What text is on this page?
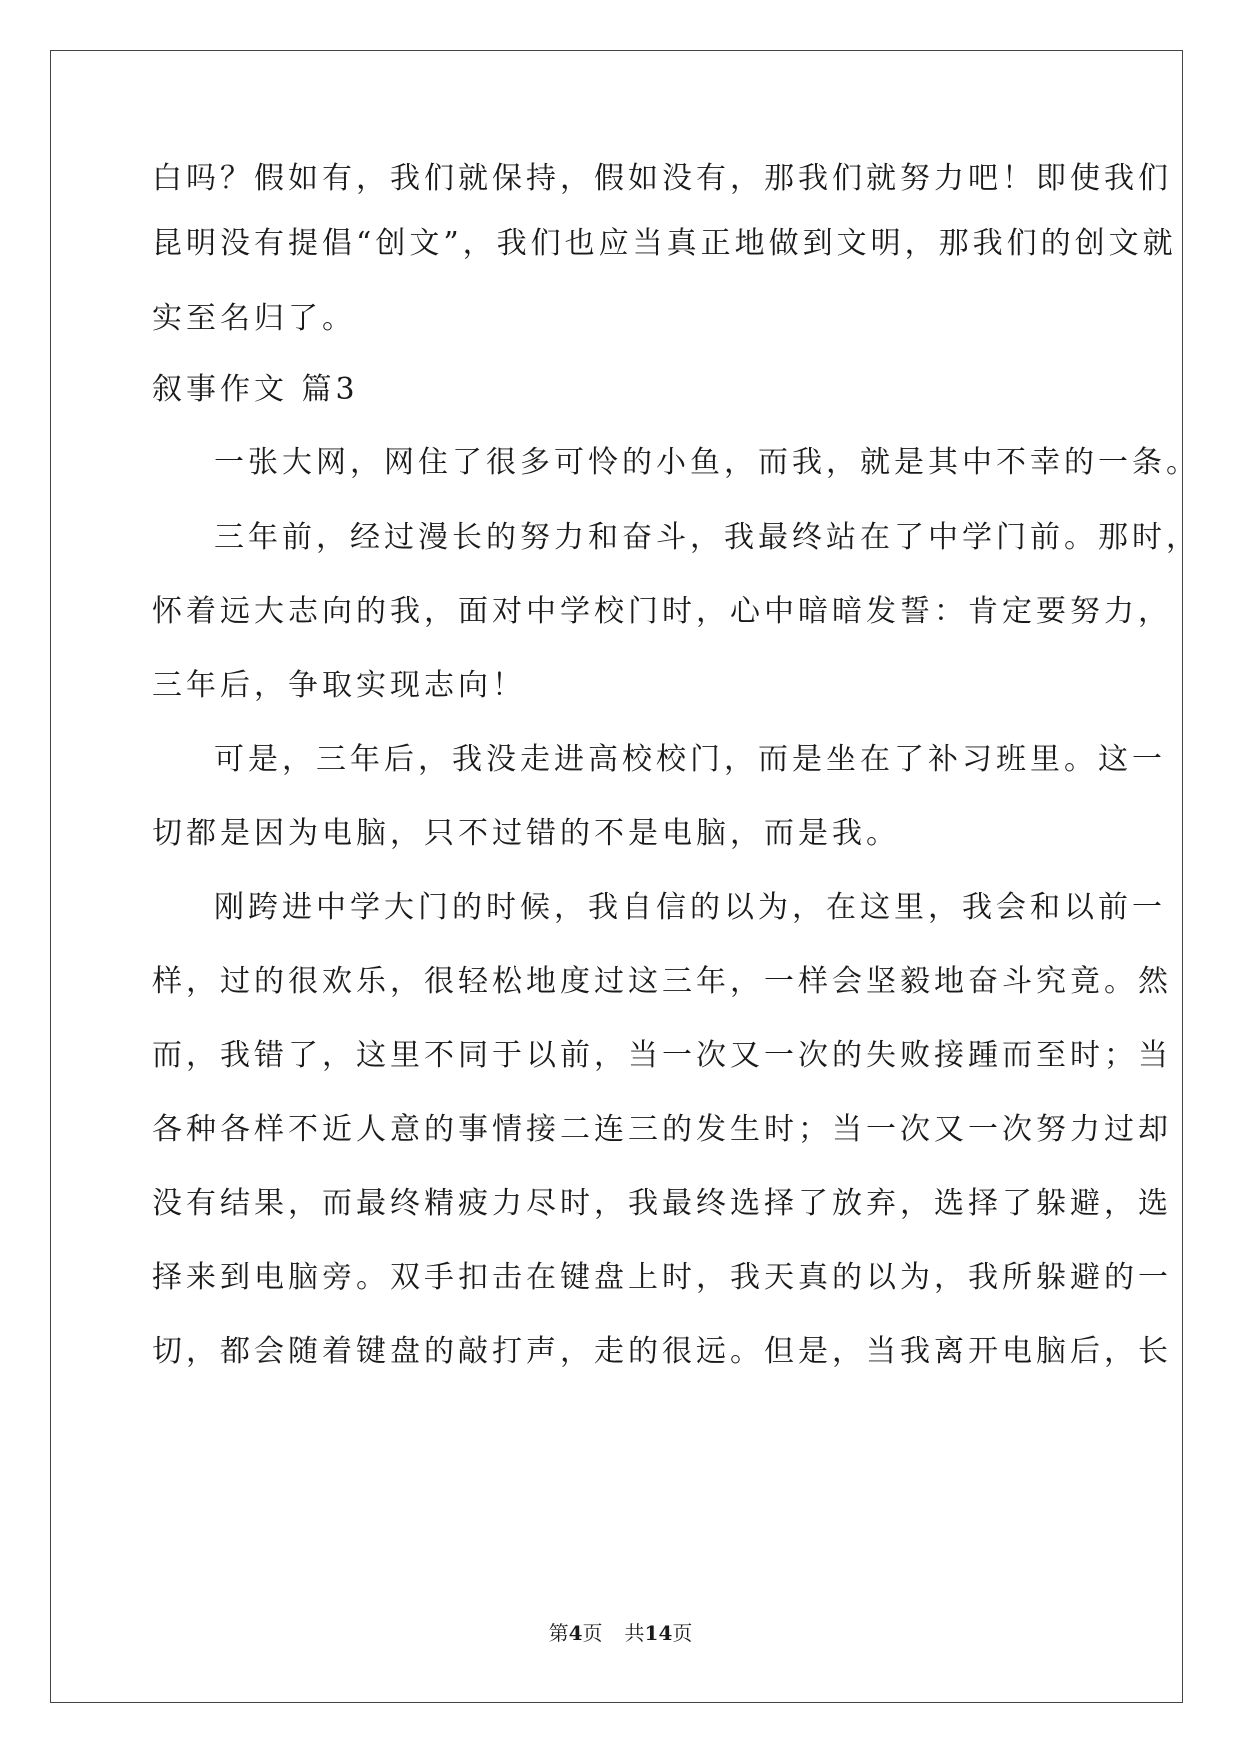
白吗？假如有，我们就保持，假如没有，那我们就努力吧！即使我们
昆明没有提倡“创文”，我们也应当真正地做到文明，那我们的创文就
实至名归了。
叙事作文 篇3
一张大网，网住了很多可怜的小鱼，而我，就是其中不幸的一条。
三年前，经过漫长的努力和奋斗，我最终站在了中学门前。那时，
怀着远大志向的我，面对中学校门时，心中暗暗发誓：肯定要努力，
三年后，争取实现志向！
可是，三年后，我没走进高校校门，而是坐在了补习班里。这一
切都是因为电脑，只不过错的不是电脑，而是我。
刚跨进中学大门的时候，我自信的以为，在这里，我会和以前一
样，过的很欢乐，很轻松地度过这三年，一样会坚毅地奋斗究竟。然
而，我错了，这里不同于以前，当一次又一次的失败接踵而至时；当
各种各样不近人意的事情接二连三的发生时；当一次又一次努力过却
没有结果，而最终精疲力尽时，我最终选择了放弃，选择了躲避，选
择来到电脑旁。双手扣击在键盘上时，我天真的以为，我所躲避的一
切，都会随着键盘的敲打声，走的很远。但是，当我离开电脑后，长
第4页 共14页
